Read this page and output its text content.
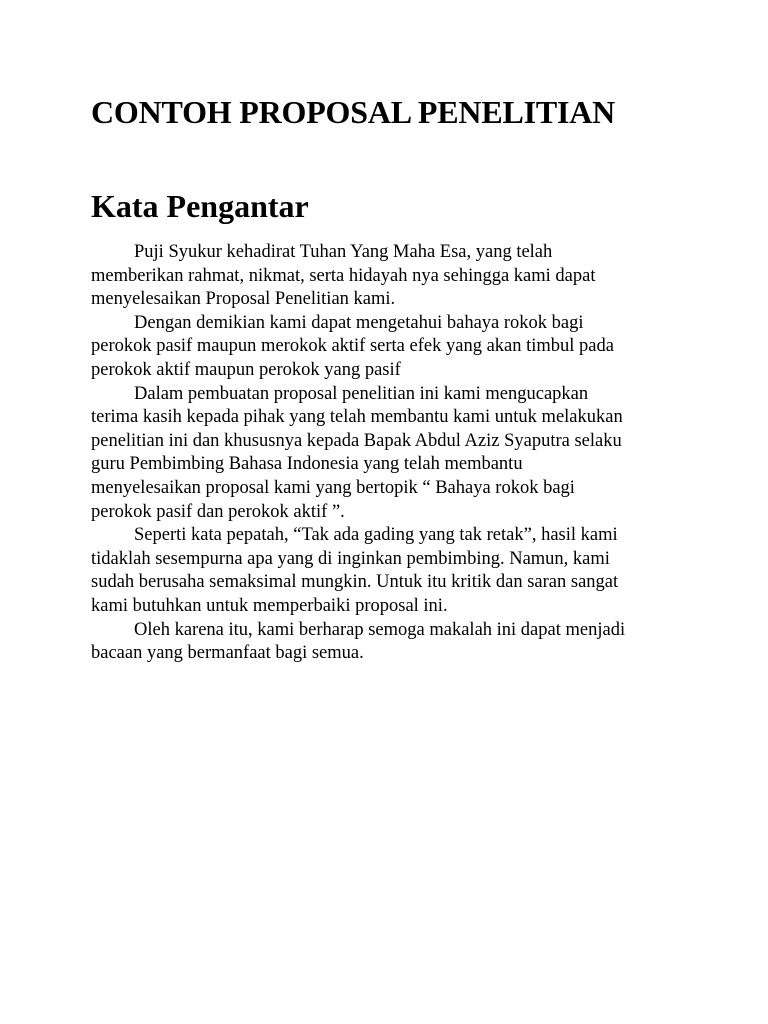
CONTOH PROPOSAL PENELITIAN
Kata Pengantar
Puji Syukur kehadirat Tuhan Yang Maha Esa, yang telah
memberikan rahmat, nikmat, serta hidayah nya sehingga kami dapat
menyelesaikan Proposal Penelitian kami.
Dengan demikian kami dapat mengetahui bahaya rokok bagi
perokok pasif maupun merokok aktif serta efek yang akan timbul pada
perokok aktif maupun perokok yang pasif
Dalam pembuatan proposal penelitian ini kami mengucapkan
terima kasih kepada pihak yang telah membantu kami untuk melakukan
penelitian ini dan khususnya kepada Bapak Abdul Aziz Syaputra selaku
guru Pembimbing Bahasa Indonesia yang telah membantu
menyelesaikan proposal kami yang bertopik “ Bahaya rokok bagi
perokok pasif dan perokok aktif ”.
Seperti kata pepatah, “Tak ada gading yang tak retak”, hasil kami
tidaklah sesempurna apa yang di inginkan pembimbing. Namun, kami
sudah berusaha semaksimal mungkin. Untuk itu kritik dan saran sangat
kami butuhkan untuk memperbaiki proposal ini.
Oleh karena itu, kami berharap semoga makalah ini dapat menjadi
bacaan yang bermanfaat bagi semua.
